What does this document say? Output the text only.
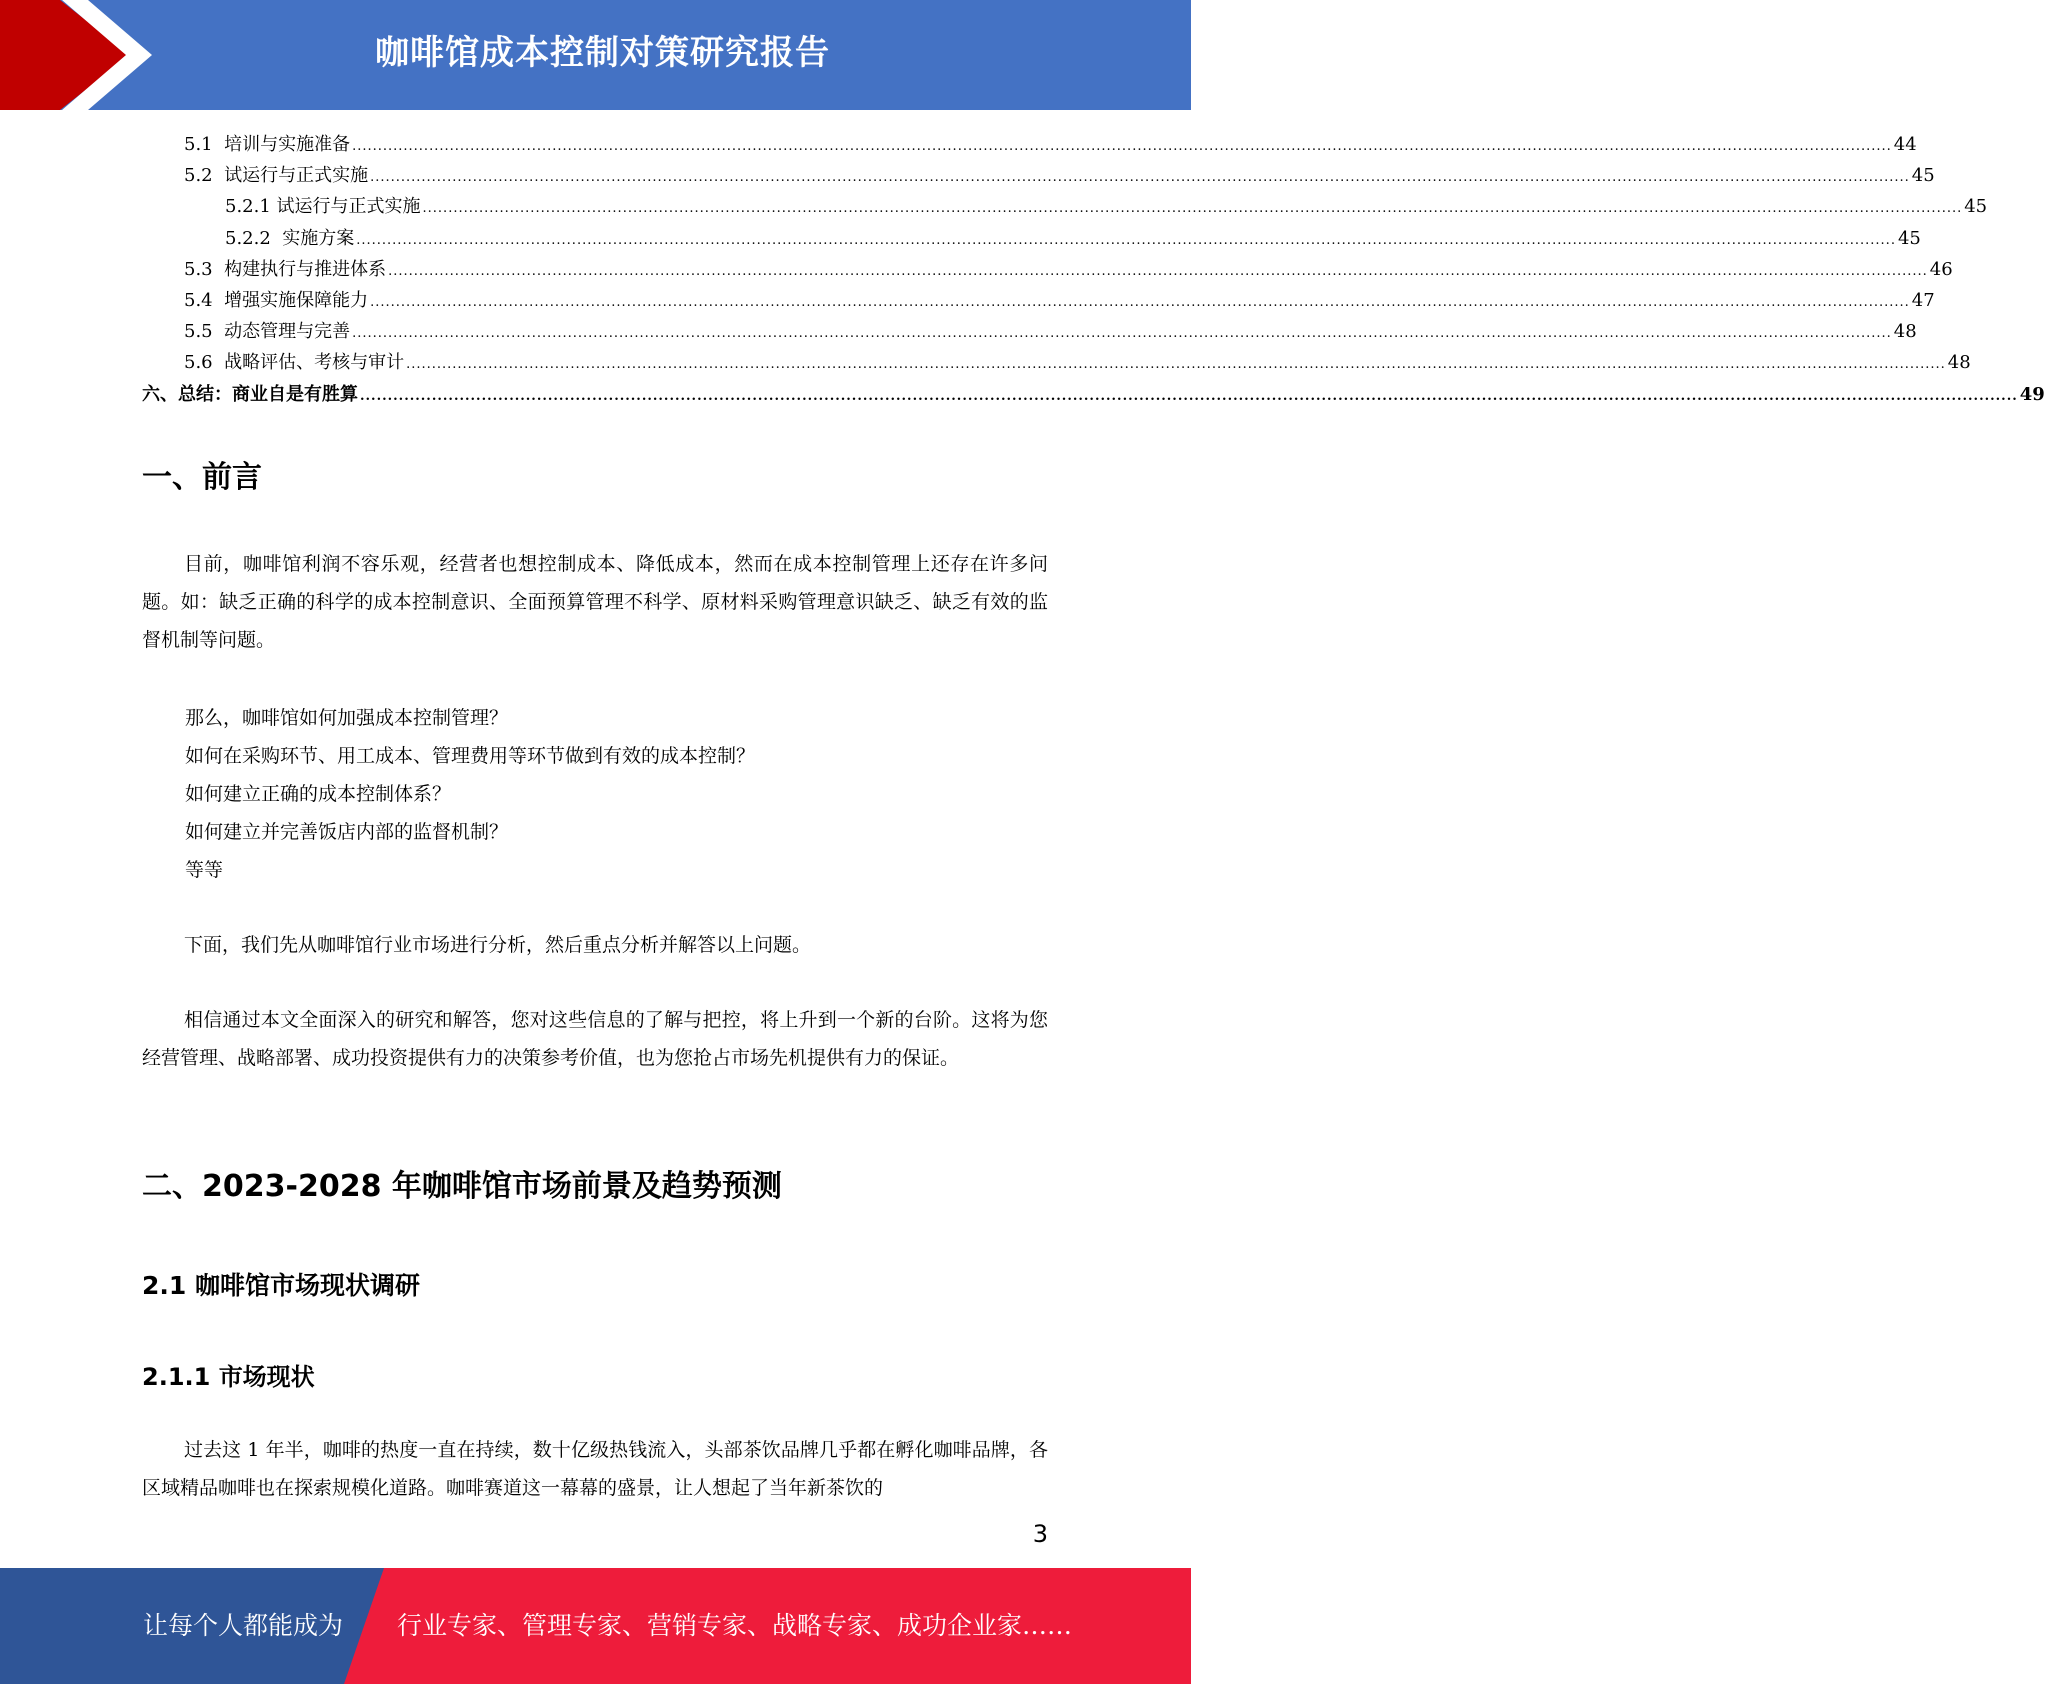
咖啡馆成本控制对策研究报告
5.1  培训与实施准备 ............................................................................................................................................................................................................................................................................................................ 44
5.2  试运行与正式实施 ............................................................................................................................................................................................................................................................................................................ 45
5.2.1 试运行与正式实施 ............................................................................................................................................................................................................................................................................................................ 45
5.2.2  实施方案 ............................................................................................................................................................................................................................................................................................................ 45
5.3  构建执行与推进体系 ............................................................................................................................................................................................................................................................................................................ 46
5.4  增强实施保障能力 ............................................................................................................................................................................................................................................................................................................ 47
5.5  动态管理与完善 ............................................................................................................................................................................................................................................................................................................ 48
5.6  战略评估、考核与审计 ............................................................................................................................................................................................................................................................................................................ 48
六、总结：商业自是有胜算 ............................................................................................................................................................................................................................................................................................................ 49
一、前言
目前，咖啡馆利润不容乐观，经营者也想控制成本、降低成本，然而在成本控制管理上还存在许多问题。如：缺乏正确的科学的成本控制意识、全面预算管理不科学、原材料采购管理意识缺乏、缺乏有效的监督机制等问题。
那么，咖啡馆如何加强成本控制管理？
如何在采购环节、用工成本、管理费用等环节做到有效的成本控制？
如何建立正确的成本控制体系？
如何建立并完善饭店内部的监督机制？
等等
下面，我们先从咖啡馆行业市场进行分析，然后重点分析并解答以上问题。
相信通过本文全面深入的研究和解答，您对这些信息的了解与把控，将上升到一个新的台阶。这将为您经营管理、战略部署、成功投资提供有力的决策参考价值，也为您抢占市场先机提供有力的保证。
二、2023-2028 年咖啡馆市场前景及趋势预测
2.1 咖啡馆市场现状调研
2.1.1 市场现状
过去这 1 年半，咖啡的热度一直在持续，数十亿级热钱流入，头部茶饮品牌几乎都在孵化咖啡品牌，各区域精品咖啡也在探索规模化道路。咖啡赛道这一幕幕的盛景，让人想起了当年新茶饮的
3
让每个人都能成为 行业专家、管理专家、营销专家、战略专家、成功企业家……
